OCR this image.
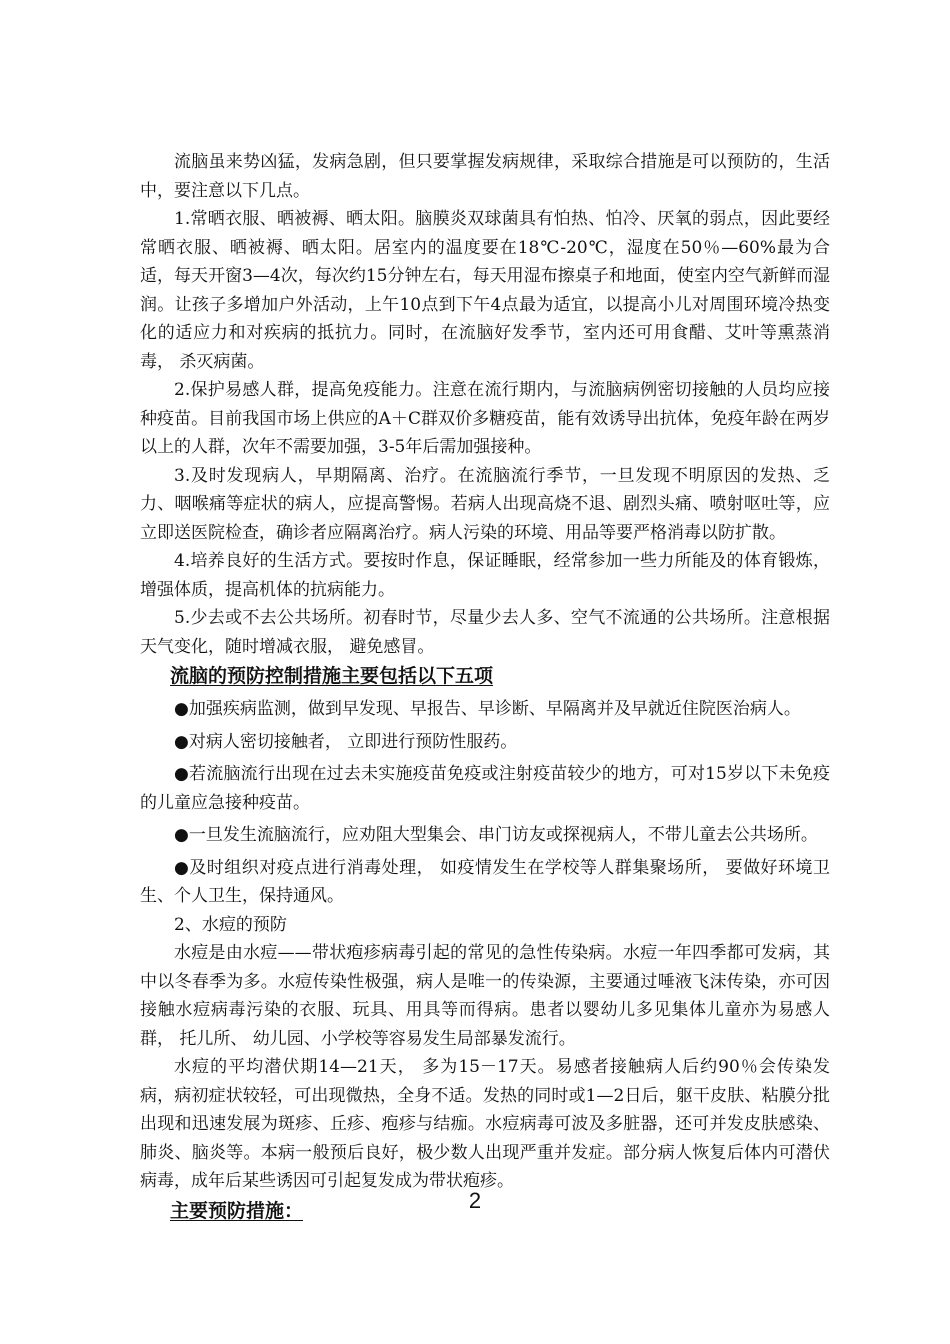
流脑虽来势凶猛，发病急剧，但只要掌握发病规律，采取综合措施是可以预防的，生活中，要注意以下几点。

1.常晒衣服、晒被褥、晒太阳。脑膜炎双球菌具有怕热、怕冷、厌氧的弱点，因此要经常晒衣服、晒被褥、晒太阳。居室内的温度要在18℃-20℃，湿度在50％—60%最为合适，每天开窗3—4次，每次约15分钟左右，每天用湿布擦桌子和地面，使室内空气新鲜而湿润。让孩子多增加户外活动，上午10点到下午4点最为适宜，以提高小儿对周围环境冷热变化的适应力和对疾病的抵抗力。同时，在流脑好发季节，室内还可用食醋、艾叶等熏蒸消毒， 杀灭病菌。

2.保护易感人群，提高免疫能力。注意在流行期内，与流脑病例密切接触的人员均应接种疫苗。目前我国市场上供应的A＋C群双价多糖疫苗，能有效诱导出抗体，免疫年龄在两岁以上的人群，次年不需要加强，3-5年后需加强接种。

3.及时发现病人，早期隔离、治疗。在流脑流行季节，一旦发现不明原因的发热、乏力、咽喉痛等症状的病人，应提高警惕。若病人出现高烧不退、剧烈头痛、喷射呕吐等，应立即送医院检查，确诊者应隔离治疗。病人污染的环境、用品等要严格消毒以防扩散。

4.培养良好的生活方式。要按时作息，保证睡眠，经常参加一些力所能及的体育锻炼， 增强体质，提高机体的抗病能力。

5.少去或不去公共场所。初春时节，尽量少去人多、空气不流通的公共场所。注意根据天气变化，随时增减衣服， 避免感冒。

流脑的预防控制措施主要包括以下五项

●加强疾病监测，做到早发现、早报告、早诊断、早隔离并及早就近住院医治病人。

●对病人密切接触者， 立即进行预防性服药。

●若流脑流行出现在过去未实施疫苗免疫或注射疫苗较少的地方，可对15岁以下未免疫的儿童应急接种疫苗。

●一旦发生流脑流行，应劝阻大型集会、串门访友或探视病人，不带儿童去公共场所。

●及时组织对疫点进行消毒处理， 如疫情发生在学校等人群集聚场所， 要做好环境卫生、个人卫生，保持通风。

2、水痘的预防

水痘是由水痘——带状疱疹病毒引起的常见的急性传染病。水痘一年四季都可发病，其中以冬春季为多。水痘传染性极强，病人是唯一的传染源，主要通过唾液飞沫传染，亦可因接触水痘病毒污染的衣服、玩具、用具等而得病。患者以婴幼儿多见集体儿童亦为易感人群， 托儿所、 幼儿园、小学校等容易发生局部暴发流行。

水痘的平均潜伏期14—21天， 多为15－17天。易感者接触病人后约90％会传染发病，病初症状较轻，可出现微热，全身不适。发热的同时或1—2日后，躯干皮肤、粘膜分批出现和迅速发展为斑疹、丘疹、疱疹与结痂。水痘病毒可波及多脏器，还可并发皮肤感染、肺炎、脑炎等。本病一般预后良好，极少数人出现严重并发症。部分病人恢复后体内可潜伏病毒，成年后某些诱因可引起复发成为带状疱疹。

主要预防措施：	2
